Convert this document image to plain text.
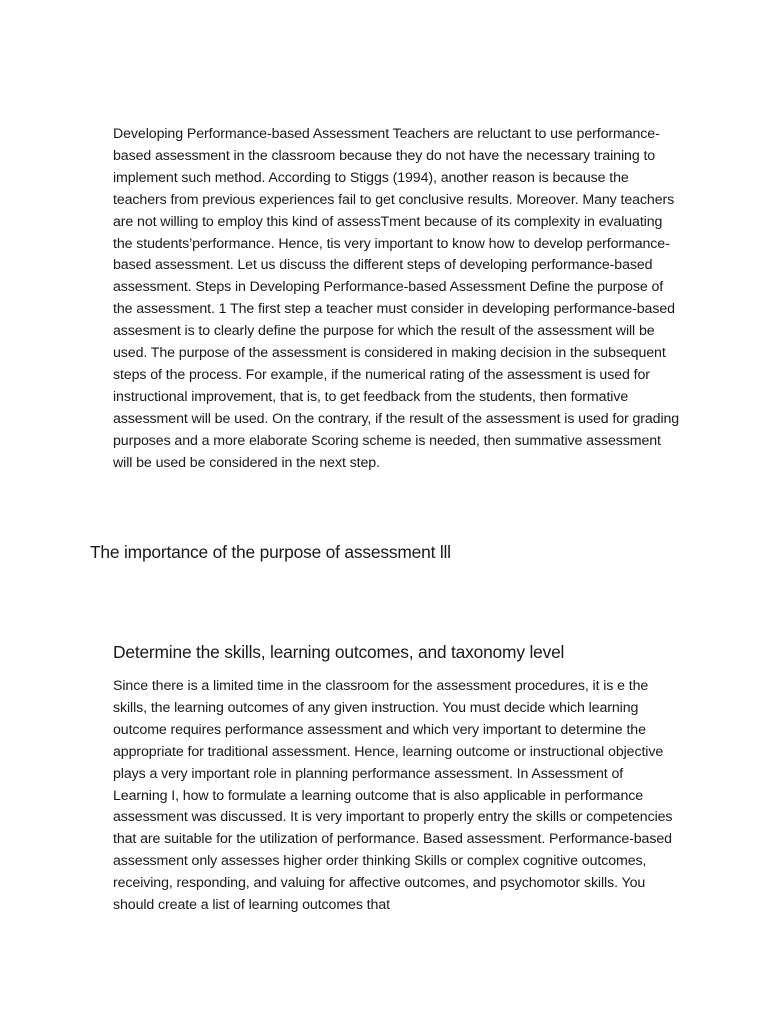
Developing Performance-based Assessment Teachers are reluctant to use performance-based assessment in the classroom because they do not have the necessary training to implement such method. According to Stiggs (1994), another reason is because the teachers from previous experiences fail to get conclusive results. Moreover. Many teachers are not willing to employ this kind of assessTment because of its complexity in evaluating the students’performance. Hence, tis very important to know how to develop performance-based assessment. Let us discuss the different steps of developing performance-based assessment. Steps in Developing Performance-based Assessment Define the purpose of the assessment. 1 The first step a teacher must consider in developing performance-based assesment is to clearly define the purpose for which the result of the assessment will be used. The purpose of the assessment is considered in making decision in the subsequent steps of the process. For example, if the numerical rating of the assessment is used for instructional improvement, that is, to get feedback from the students, then formative assessment will be used. On the contrary, if the result of the assessment is used for grading purposes and a more elaborate Scoring scheme is needed, then summative assessment will be used be considered in the next step.

The importance of the purpose of assessment lll
Determine the skills, learning outcomes, and taxonomy level

Since there is a limited time in the classroom for the assessment procedures, it is e the skills, the learning outcomes of any given instruction. You must decide which learning outcome requires performance assessment and which very important to determine the appropriate for traditional assessment. Hence, learning outcome or instructional objective plays a very important role in planning performance assessment. In Assessment of Learning I, how to formulate a learning outcome that is also applicable in performance assessment was discussed. It is very important to properly entry the skills or competencies that are suitable for the utilization of performance. Based assessment. Performance-based assessment only assesses higher order thinking Skills or complex cognitive outcomes, receiving, responding, and valuing for affective outcomes, and psychomotor skills. You should create a list of learning outcomes that
